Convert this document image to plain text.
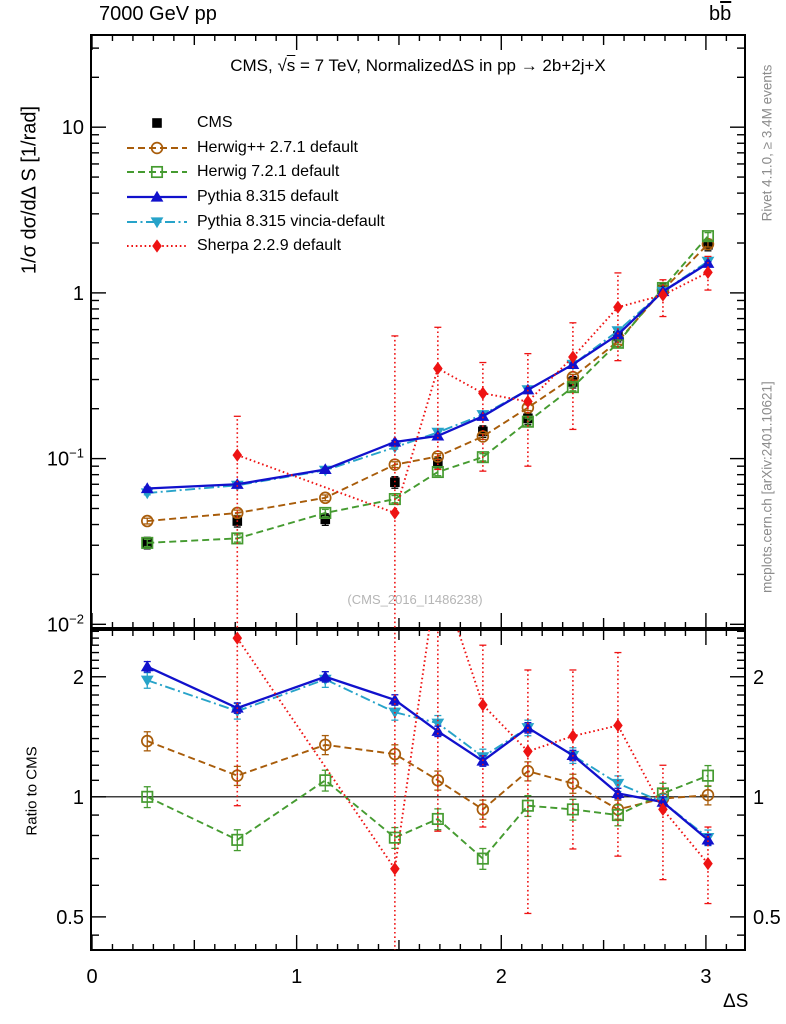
0	1	2	3
10
1
$10^{-1}$
$10^{-2}$
2	2
1	1
0.5	0.5
7000 GeV pp	$b\overline{b}$
CMS, √s = 7 TeV, NormalizedΔS in pp → 2b+2j+X
CMS
Herwig++ 2.7.1 default
Herwig 7.2.1 default
Pythia 8.315 default
Pythia 8.315 vincia-default
Sherpa 2.2.9 default
1/σ dσ/dΔ S [1/rad]
Ratio to CMS
Rivet 4.1.0, ≥ 3.4M events
mcplots.cern.ch [arXiv:2401.10621]
(CMS_2016_I1486238)
ΔS
